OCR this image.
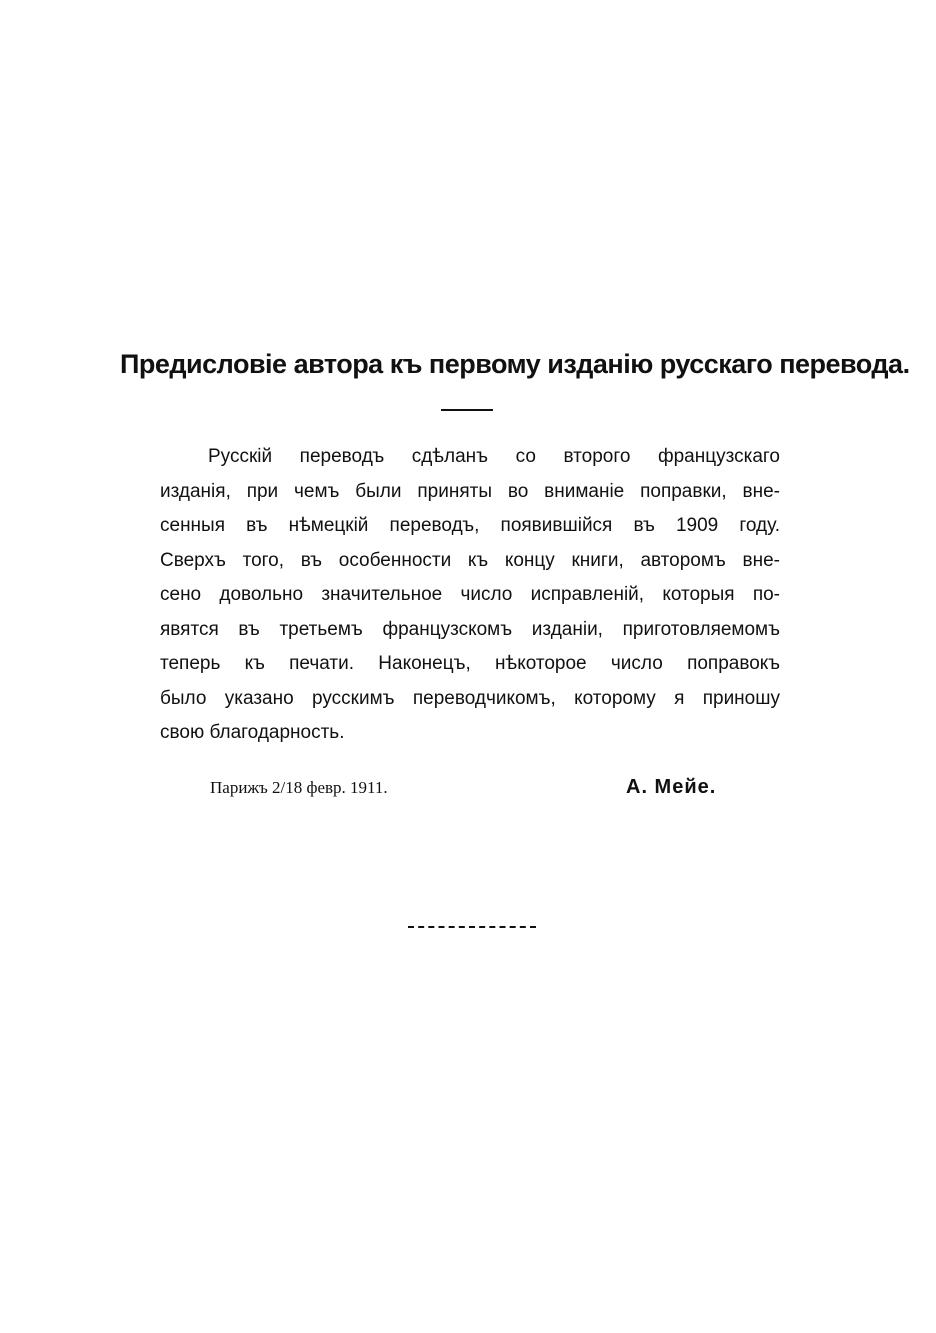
Предисловіе автора къ первому изданію русскаго перевода.
Русскій переводъ сдѣланъ со второго французскаго
изданія, при чемъ были приняты во вниманіе поправки, вне-
сенныя въ нѣмецкій переводъ, появившійся въ 1909 году.
Сверхъ того, въ особенности къ концу книги, авторомъ вне-
сено довольно значительное число исправленій, которыя по-
явятся въ третьемъ французскомъ изданіи, приготовляемомъ
теперь къ печати. Наконецъ, нѣкоторое число поправокъ
было указано русскимъ переводчикомъ, которому я приношу
свою благодарность.
Парижъ 2/18 февр. 1911.	А. Мейе.
